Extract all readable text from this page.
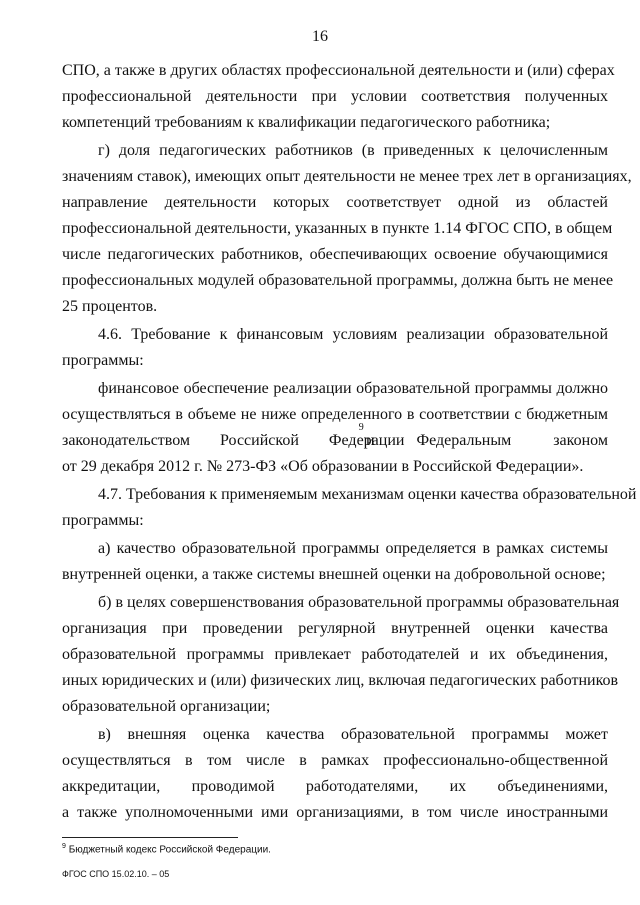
16
СПО, а также в других областях профессиональной деятельности и (или) сферах
профессиональной деятельности при условии соответствия полученных
компетенций требованиям к квалификации педагогического работника;
г) доля педагогических работников (в приведенных к целочисленным
значениям ставок), имеющих опыт деятельности не менее трех лет в организациях,
направление деятельности которых соответствует одной из областей
профессиональной деятельности, указанных в пункте 1.14 ФГОС СПО, в общем
числе педагогических работников, обеспечивающих освоение обучающимися
профессиональных модулей образовательной программы, должна быть не менее
25 процентов.
4.6. Требование к финансовым условиям реализации образовательной
программы:
финансовое обеспечение реализации образовательной программы должно
осуществляться в объеме не ниже определенного в соответствии с бюджетным
законодательством Российской Федерации
9
и Федеральным законом
от 29 декабря 2012 г. № 273-ФЗ «Об образовании в Российской Федерации».
4.7. Требования к применяемым механизмам оценки качества образовательной
программы:
а) качество образовательной программы определяется в рамках системы
внутренней оценки, а также системы внешней оценки на добровольной основе;
б) в целях совершенствования образовательной программы образовательная
организация при проведении регулярной внутренней оценки качества
образовательной программы привлекает работодателей и их объединения,
иных юридических и (или) физических лиц, включая педагогических работников
образовательной организации;
в) внешняя оценка качества образовательной программы может
осуществляться в том числе в рамках профессионально-общественной
аккредитации, проводимой работодателями, их объединениями,
а также уполномоченными ими организациями, в том числе иностранными
$^9$ Бюджетный кодекс Российской Федерации.
ФГОС СПО 15.02.10. – 05
